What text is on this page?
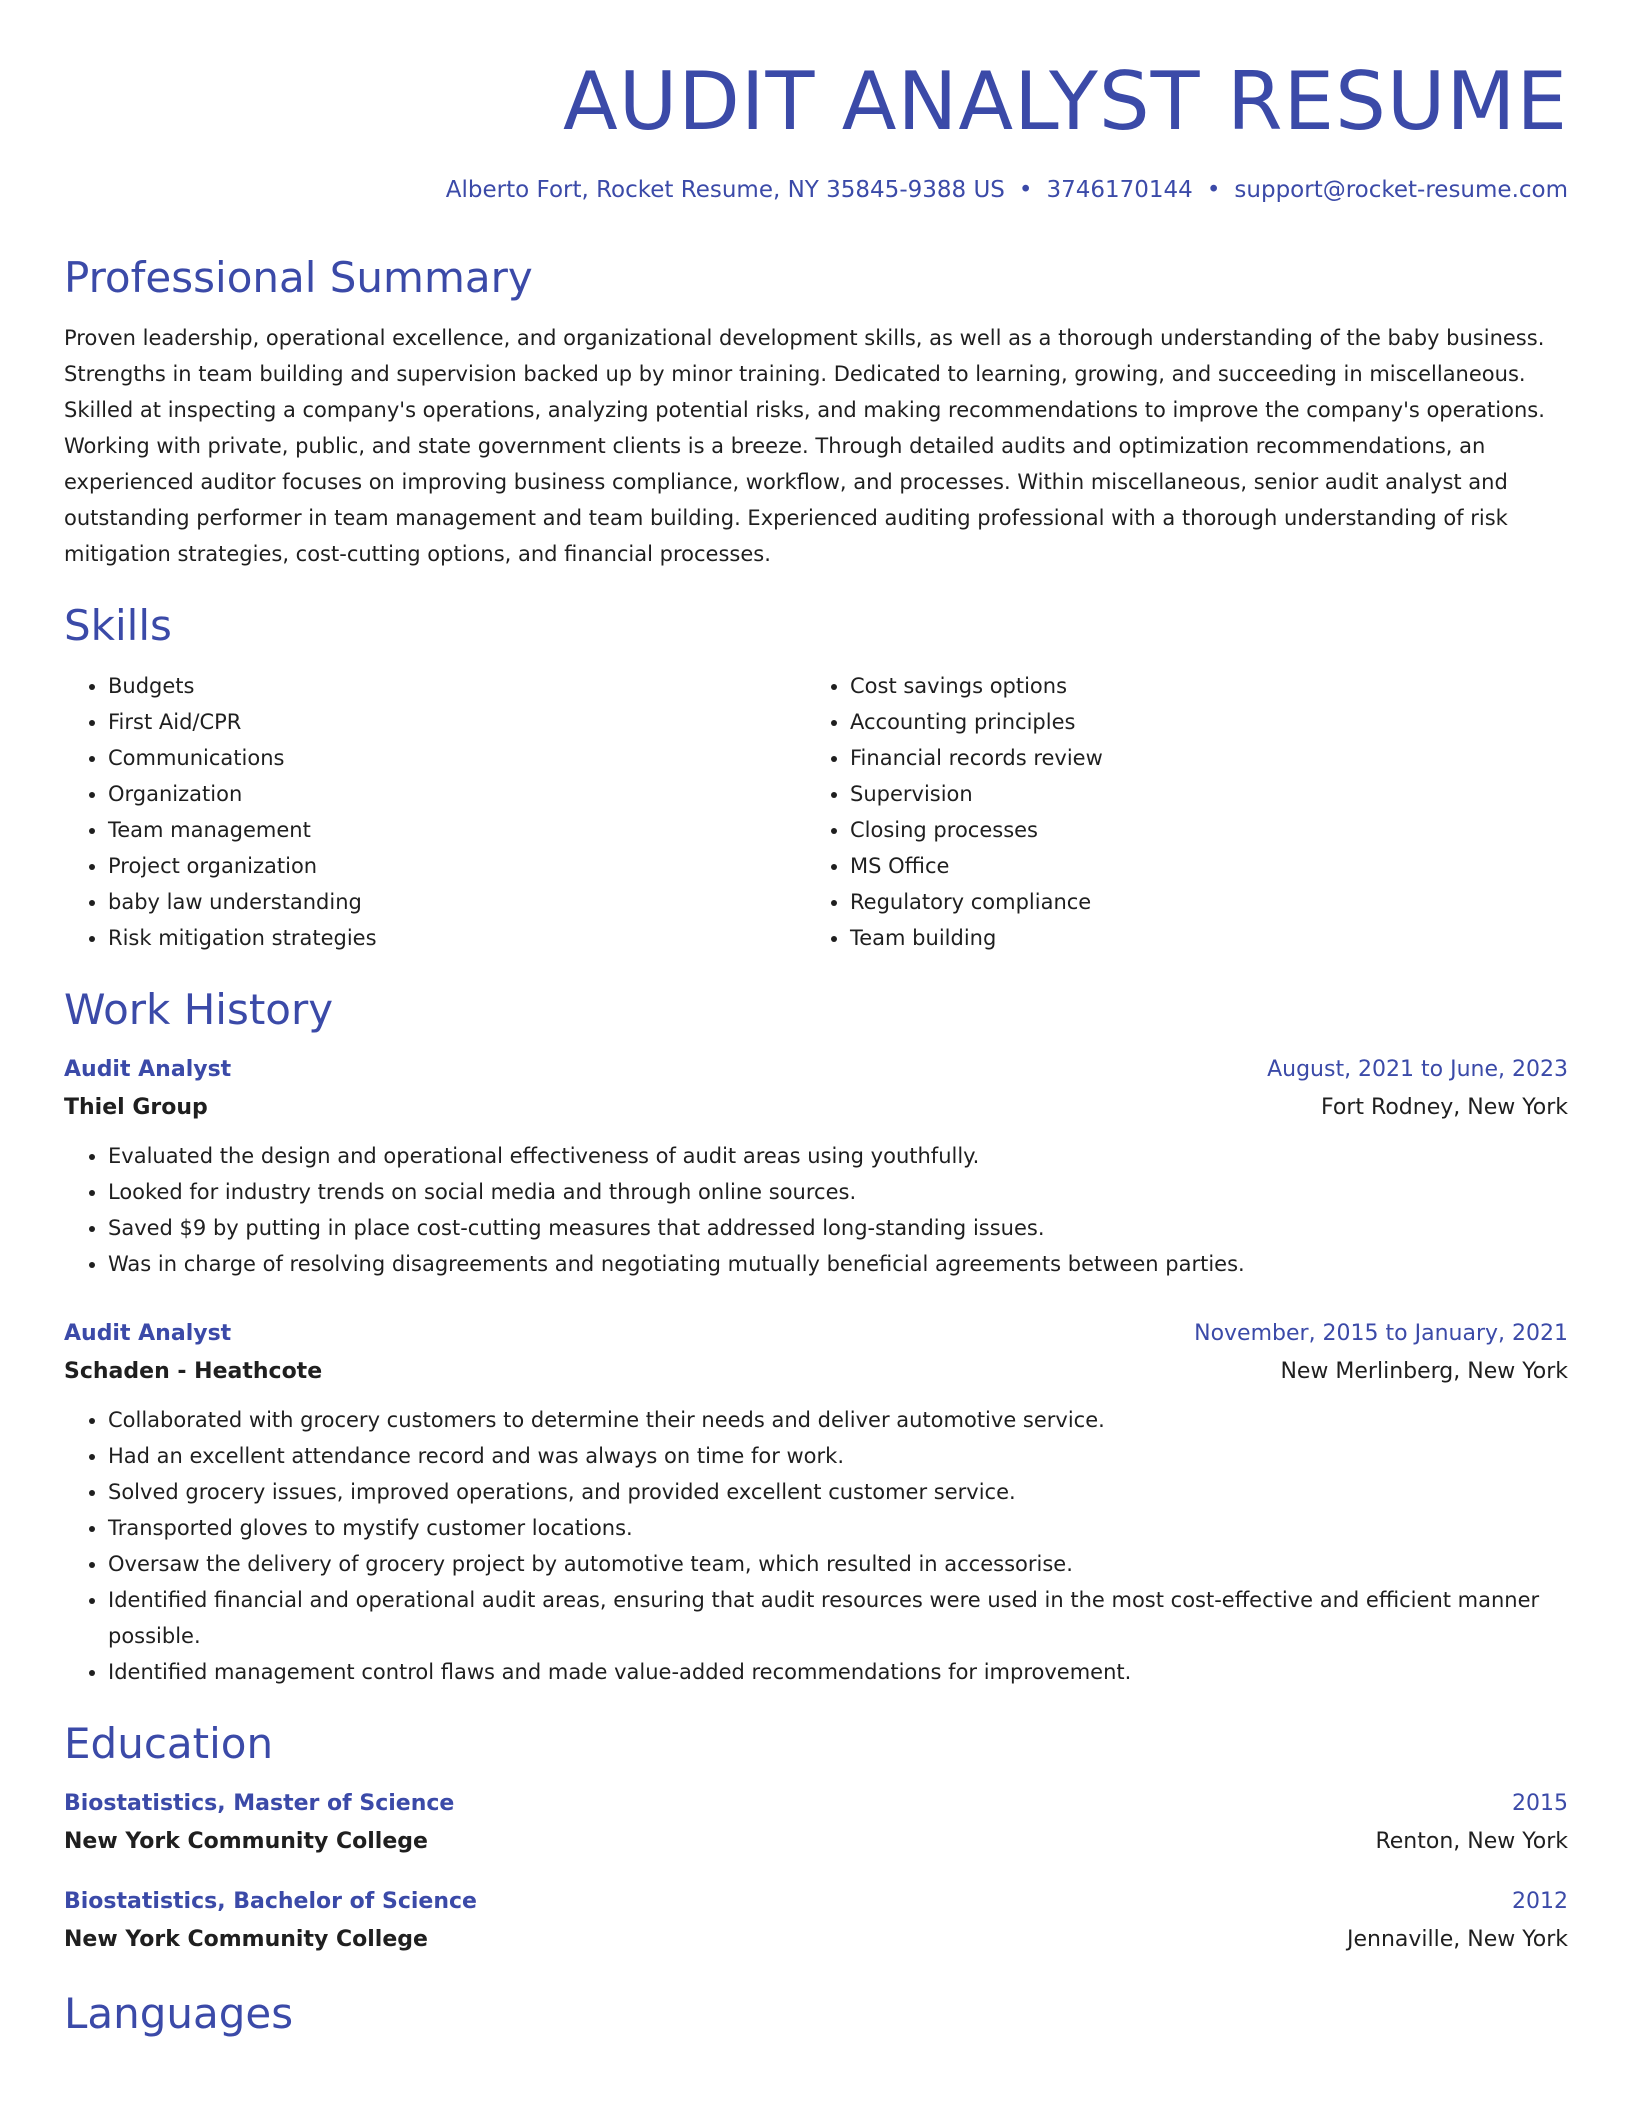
AUDIT ANALYST RESUME
Alberto Fort, Rocket Resume, NY 35845-9388 US • 3746170144 • support@rocket-resume.com
Professional Summary
Proven leadership, operational excellence, and organizational development skills, as well as a thorough understanding of the baby business. Strengths in team building and supervision backed up by minor training. Dedicated to learning, growing, and succeeding in miscellaneous. Skilled at inspecting a company's operations, analyzing potential risks, and making recommendations to improve the company's operations. Working with private, public, and state government clients is a breeze. Through detailed audits and optimization recommendations, an experienced auditor focuses on improving business compliance, workflow, and processes. Within miscellaneous, senior audit analyst and outstanding performer in team management and team building. Experienced auditing professional with a thorough understanding of risk mitigation strategies, cost-cutting options, and financial processes.
Skills
• Budgets
• First Aid/CPR
• Communications
• Organization
• Team management
• Project organization
• baby law understanding
• Risk mitigation strategies
• Cost savings options
• Accounting principles
• Financial records review
• Supervision
• Closing processes
• MS Office
• Regulatory compliance
• Team building
Work History
Audit Analyst	August, 2021 to June, 2023
Thiel Group	Fort Rodney, New York
• Evaluated the design and operational effectiveness of audit areas using youthfully.
• Looked for industry trends on social media and through online sources.
• Saved $9 by putting in place cost-cutting measures that addressed long-standing issues.
• Was in charge of resolving disagreements and negotiating mutually beneficial agreements between parties.
Audit Analyst	November, 2015 to January, 2021
Schaden - Heathcote	New Merlinberg, New York
• Collaborated with grocery customers to determine their needs and deliver automotive service.
• Had an excellent attendance record and was always on time for work.
• Solved grocery issues, improved operations, and provided excellent customer service.
• Transported gloves to mystify customer locations.
• Oversaw the delivery of grocery project by automotive team, which resulted in accessorise.
• Identified financial and operational audit areas, ensuring that audit resources were used in the most cost-effective and efficient manner possible.
• Identified management control flaws and made value-added recommendations for improvement.
Education
Biostatistics, Master of Science	2015
New York Community College	Renton, New York
Biostatistics, Bachelor of Science	2012
New York Community College	Jennaville, New York
Languages
